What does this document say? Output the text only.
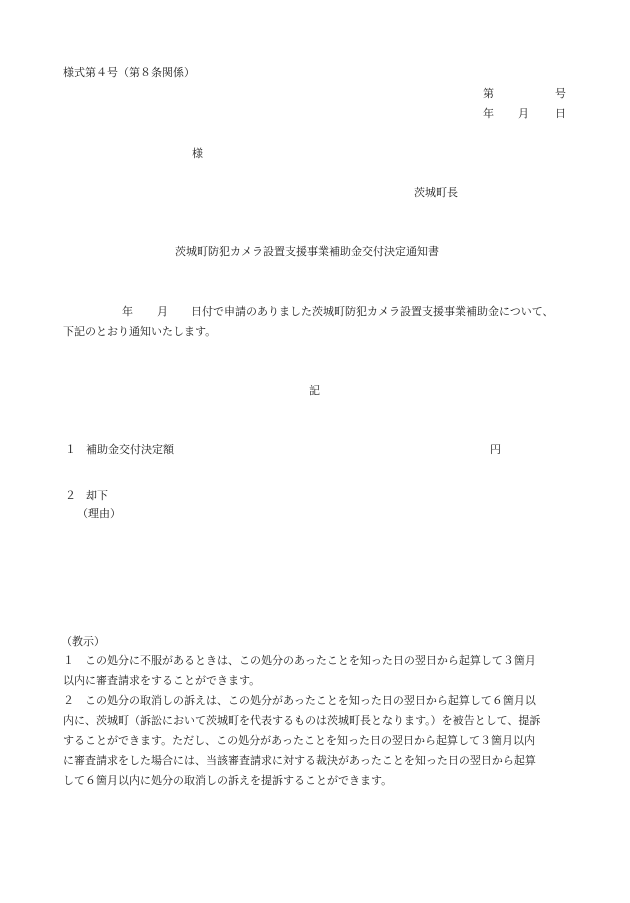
様式第４号（第８条関係）
第	号
年 月 日
様
茨城町長
茨城町防犯カメラ設置支援事業補助金交付決定通知書
年 月 日付で申請のありました茨城町防犯カメラ設置支援事業補助金について、
下記のとおり通知いたします。
記
１ 補助金交付決定額	円
２ 却下
（理由）
（教示）
１　この処分に不服があるときは、この処分のあったことを知った日の翌日から起算して３箇月
以内に審査請求をすることができます。
２　この処分の取消しの訴えは、この処分があったことを知った日の翌日から起算して６箇月以
内に、茨城町（訴訟において茨城町を代表するものは茨城町長となります。）を被告として、提訴
することができます。ただし、この処分があったことを知った日の翌日から起算して３箇月以内
に審査請求をした場合には、当該審査請求に対する裁決があったことを知った日の翌日から起算
して６箇月以内に処分の取消しの訴えを提訴することができます。
